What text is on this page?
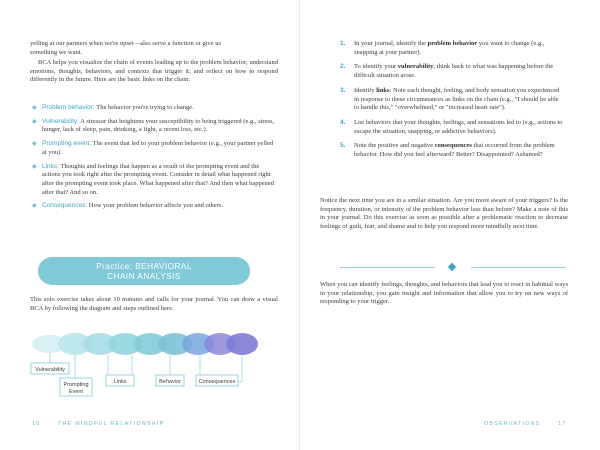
yelling at our partners when we're upset—also serve a function or give us
something we want.
BCA helps you visualize the chain of events leading up to the problem behavior; understand emotions, thoughts, behaviors, and contexts that trigger it; and reflect on how to respond differently in the future. Here are the basic links on the chain:
◆ Problem behavior: The behavior you're trying to change.
◆ Vulnerability: A stressor that heightens your susceptibility to being triggered (e.g., stress, hunger, lack of sleep, pain, drinking, a fight, a recent loss, etc.).
◆ Prompting event: The event that led to your problem behavior (e.g., your partner yelled at you).
◆ Links: Thoughts and feelings that happen as a result of the prompting event and the actions you took right after the prompting event. Consider in detail what happened right after the prompting event took place. What happened after that? And then what happened after that? And so on.
◆ Consequences: How your problem behavior affects you and others.
Practice: BEHAVIORAL
CHAIN ANALYSIS
This solo exercise takes about 10 minutes and calls for your journal. You can draw a visual BCA by following the diagram and steps outlined here.
Vulnerability
Prompting
Event
Links	Behavior	Consequences
16	THE MINDFUL RELATIONSHIP
1. In your journal, identify the problem behavior you want to change (e.g., snapping at your partner).
2. To identify your vulnerability, think back to what was happening before the difficult situation arose.
3. Identify links: Note each thought, feeling, and body sensation you experienced in response to these circumstances as links on the chain (e.g., "I should be able to handle this," "overwhelmed," or "increased heart rate").
4. List behaviors that your thoughts, feelings, and sensations led to (e.g., actions to escape the situation, snapping, or addictive behaviors).
5. Note the positive and negative consequences that occurred from the problem behavior. How did you feel afterward? Better? Disappointed? Ashamed?
Notice the next time you are in a similar situation. Are you more aware of your triggers? Is the frequency, duration, or intensity of the problem behavior less than before? Make a note of this in your journal. Do this exercise as soon as possible after a problematic reaction to decrease feelings of guilt, fear, and shame and to help you respond more mindfully next time.
When you can identify feelings, thoughts, and behaviors that lead you to react in habitual ways in your relationship, you gain insight and information that allow you to try on new ways of responding to your trigger.
OBSERVATIONS	17
